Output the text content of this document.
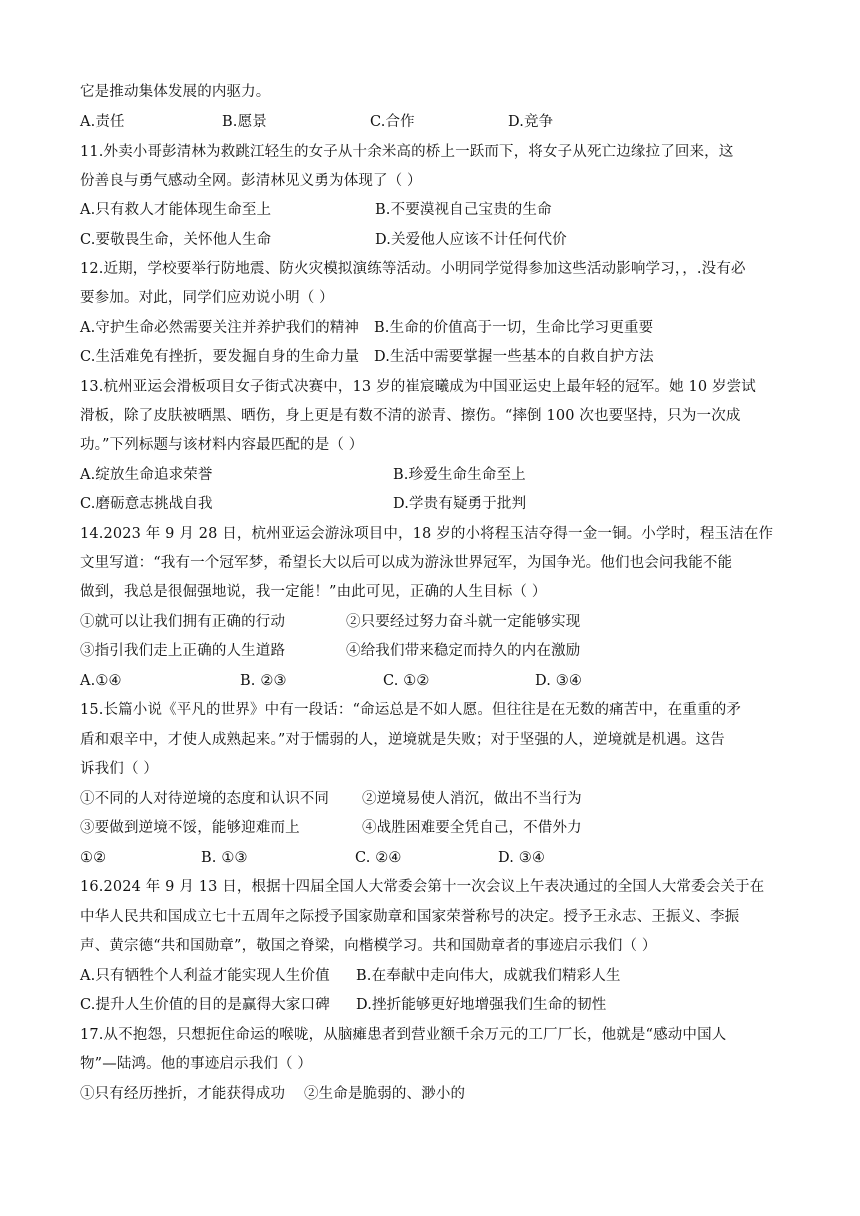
它是推动集体发展的内驱力。
A.责任	B.愿景	C.合作	D.竞争
11.外卖小哥彭清林为救跳江轻生的女子从十余米高的桥上一跃而下，将女子从死亡边缘拉了回来，这
份善良与勇气感动全网。彭清林见义勇为体现了（ ）
A.只有救人才能体现生命至上	B.不要漠视自己宝贵的生命
C.要敬畏生命，关怀他人生命	D.关爱他人应该不计任何代价
12.近期，学校要举行防地震、防火灾模拟演练等活动。小明同学觉得参加这些活动影响学习，，.没有必
要参加。对此，同学们应劝说小明（ ）
A.守护生命必然需要关注并养护我们的精神 B.生命的价值高于一切，生命比学习更重要
C.生活难免有挫折，要发掘自身的生命力量 D.生活中需要掌握一些基本的自救自护方法
13.杭州亚运会滑板项目女子街式决赛中，13 岁的崔宸曦成为中国亚运史上最年轻的冠军。她 10 岁尝试
滑板，除了皮肤被晒黑、晒伤，身上更是有数不清的淤青、擦伤。“摔倒 100 次也要坚持，只为一次成
功。”下列标题与该材料内容最匹配的是（ ）
A.绽放生命追求荣誉	B.珍爱生命生命至上
C.磨砺意志挑战自我	D.学贵有疑勇于批判
14.2023 年 9 月 28 日，杭州亚运会游泳项目中，18 岁的小将程玉洁夺得一金一铜。小学时，程玉洁在作
文里写道：“我有一个冠军梦，希望长大以后可以成为游泳世界冠军，为国争光。他们也会问我能不能
做到，我总是很倔强地说，我一定能！”由此可见，正确的人生目标（ ）
①就可以让我们拥有正确的行动	②只要经过努力奋斗就一定能够实现
③指引我们走上正确的人生道路	④给我们带来稳定而持久的内在激励
A.①④	B. ②③	C. ①②	D. ③④
15.长篇小说《平凡的世界》中有一段话：“命运总是不如人愿。但往往是在无数的痛苦中，在重重的矛
盾和艰辛中，才使人成熟起来。”对于懦弱的人，逆境就是失败；对于坚强的人，逆境就是机遇。这告
诉我们（ ）
①不同的人对待逆境的态度和认识不同 ②逆境易使人消沉，做出不当行为
③要做到逆境不馁，能够迎难而上	④战胜困难要全凭自己，不借外力
①②	B. ①③	C. ②④	D. ③④
16.2024 年 9 月 13 日，根据十四届全国人大常委会第十一次会议上午表决通过的全国人大常委会关于在
中华人民共和国成立七十五周年之际授予国家勋章和国家荣誉称号的决定。授予王永志、王振义、李振
声、黄宗德“共和国勋章”，敬国之脊梁，向楷模学习。共和国勋章者的事迹启示我们（ ）
A.只有牺牲个人利益才能实现人生价值 B.在奉献中走向伟大，成就我们精彩人生
C.提升人生价值的目的是赢得大家口碑 D.挫折能够更好地增强我们生命的韧性
17.从不抱怨，只想扼住命运的喉咙，从脑瘫患者到营业额千余万元的工厂厂长，他就是“感动中国人
物”—陆鸿。他的事迹启示我们（ ）
①只有经历挫折，才能获得成功 ②生命是脆弱的、渺小的
